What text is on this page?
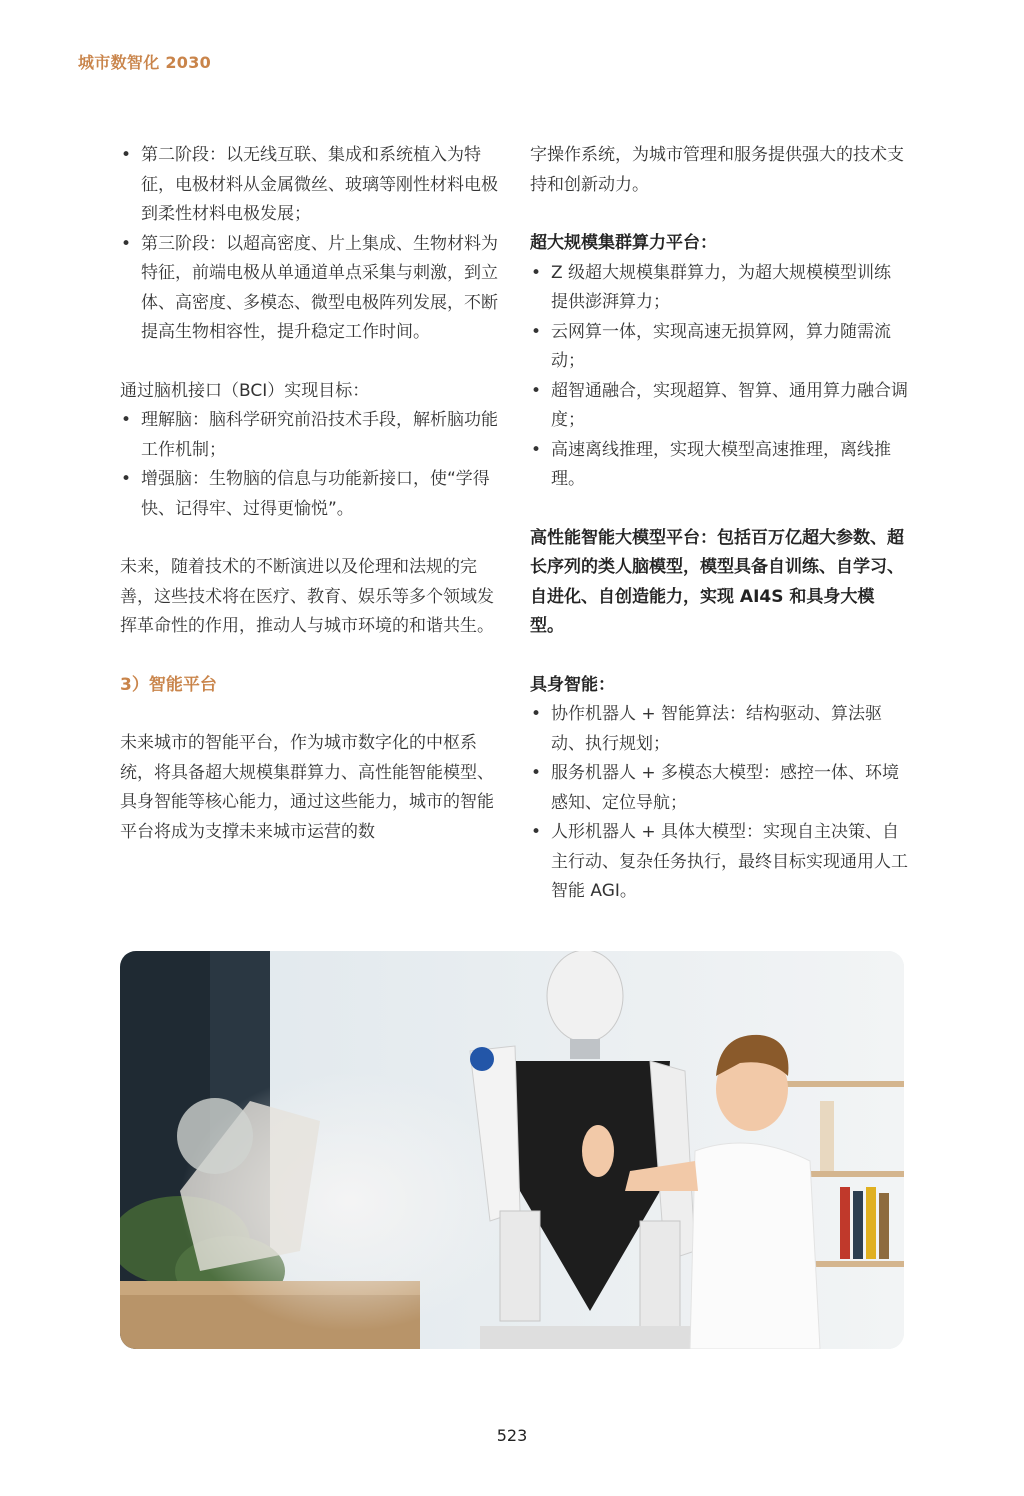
城市数智化 2030
• 第二阶段：以无线互联、集成和系统植入为特征，电极材料从金属微丝、玻璃等刚性材料电极到柔性材料电极发展；
• 第三阶段：以超高密度、片上集成、生物材料为特征，前端电极从单通道单点采集与刺激，到立体、高密度、多模态、微型电极阵列发展，不断提高生物相容性，提升稳定工作时间。

通过脑机接口（BCI）实现目标：

• 理解脑：脑科学研究前沿技术手段，解析脑功能工作机制；
• 增强脑：生物脑的信息与功能新接口，使“学得快、记得牢、过得更愉悦”。

未来，随着技术的不断演进以及伦理和法规的完善，这些技术将在医疗、教育、娱乐等多个领域发挥革命性的作用，推动人与城市环境的和谐共生。

3）智能平台

未来城市的智能平台，作为城市数字化的中枢系统，将具备超大规模集群算力、高性能智能模型、具身智能等核心能力，通过这些能力，城市的智能平台将成为支撑未来城市运营的数

字操作系统，为城市管理和服务提供强大的技术支持和创新动力。

超大规模集群算力平台：

• Z 级超大规模集群算力，为超大规模模型训练提供澎湃算力；
• 云网算一体，实现高速无损算网，算力随需流动；
• 超智通融合，实现超算、智算、通用算力融合调度；
• 高速离线推理，实现大模型高速推理，离线推理。

高性能智能大模型平台：包括百万亿超大参数、超长序列的类人脑模型，模型具备自训练、自学习、自进化、自创造能力，实现 AI4S 和具身大模型。

具身智能：

• 协作机器人 + 智能算法：结构驱动、算法驱动、执行规划；
• 服务机器人 + 多模态大模型：感控一体、环境感知、定位导航；
• 人形机器人 + 具体大模型：实现自主决策、自主行动、复杂任务执行，最终目标实现通用人工智能 AGI。
523
